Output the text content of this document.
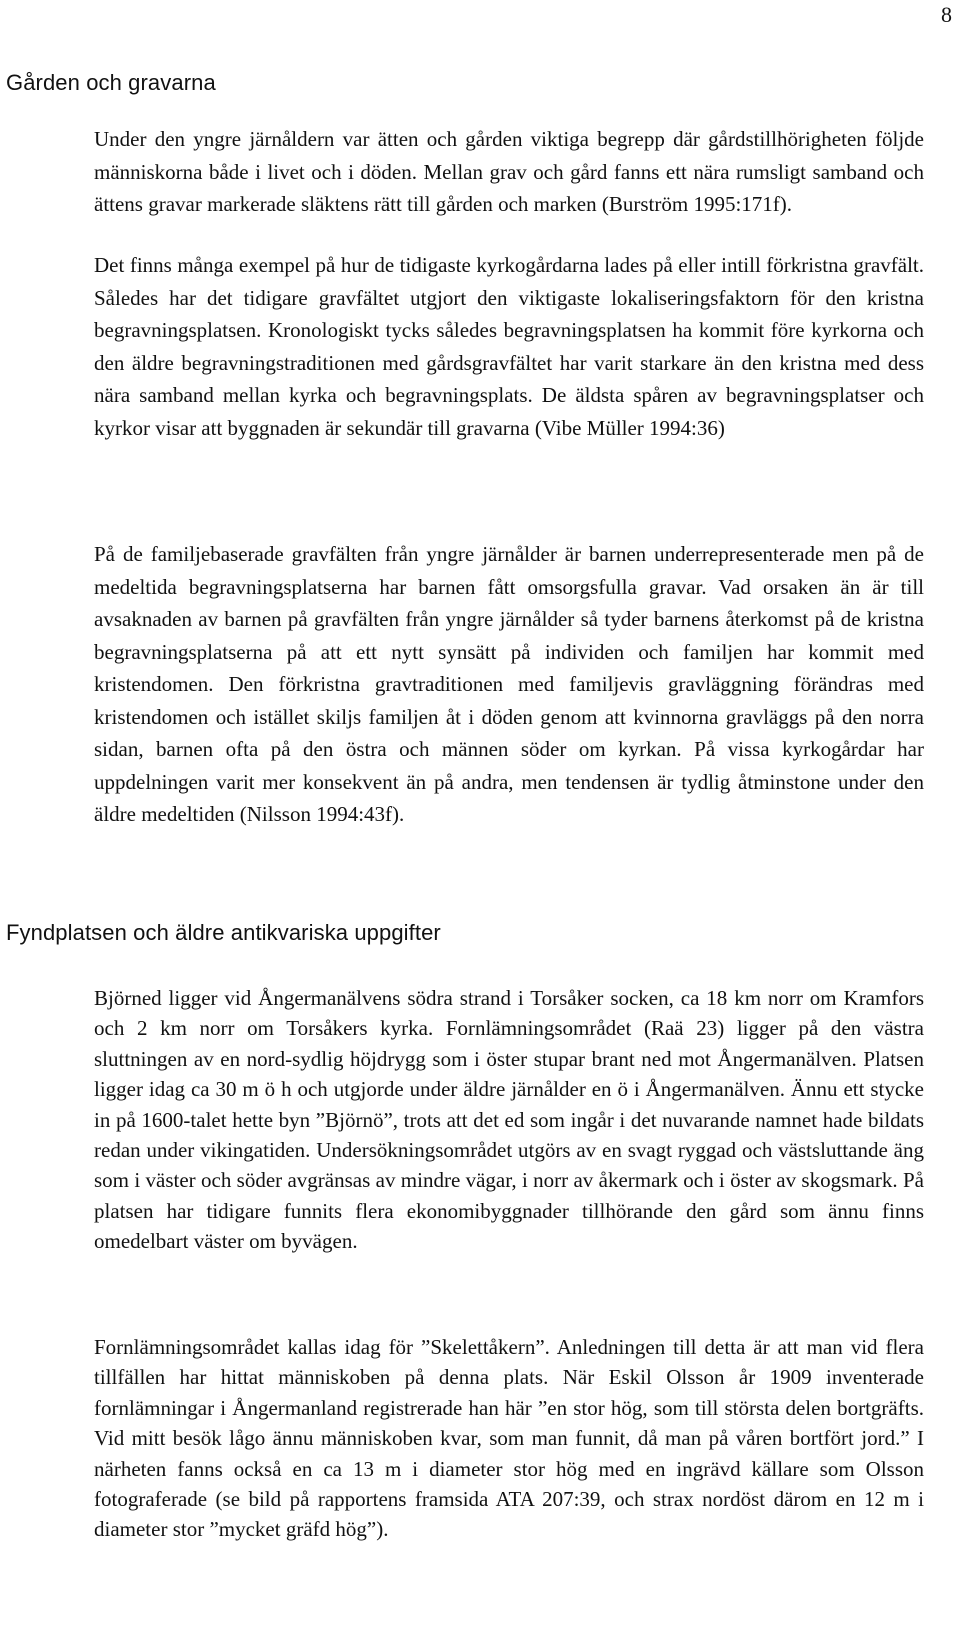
8
Gården och gravarna

Under den yngre järnåldern var ätten och gården viktiga begrepp där gårdstillhörigheten följde människorna både i livet och i döden. Mellan grav och gård fanns ett nära rumsligt samband och ättens gravar markerade släktens rätt till gården och marken (Burström 1995:171f).

Det finns många exempel på hur de tidigaste kyrkogårdarna lades på eller intill förkristna gravfält. Således har det tidigare gravfältet utgjort den viktigaste lokaliseringsfaktorn för den kristna begravningsplatsen. Kronologiskt tycks således begravningsplatsen ha kommit före kyrkorna och den äldre begravningstraditionen med gårdsgravfältet har varit starkare än den kristna med dess nära samband mellan kyrka och begravningsplats. De äldsta spåren av begravningsplatser och kyrkor visar att byggnaden är sekundär till gravarna (Vibe Müller 1994:36)

På de familjebaserade gravfälten från yngre järnålder är barnen underrepresenterade men på de medeltida begravningsplatserna har barnen fått omsorgsfulla gravar. Vad orsaken än är till avsaknaden av barnen på gravfälten från yngre järnålder så tyder barnens återkomst på de kristna begravningsplatserna på att ett nytt synsätt på individen och familjen har kommit med kristendomen. Den förkristna gravtraditionen med familjevis gravläggning förändras med kristendomen och istället skiljs familjen åt i döden genom att kvinnorna gravläggs på den norra sidan, barnen ofta på den östra och männen söder om kyrkan. På vissa kyrkogårdar har uppdelningen varit mer konsekvent än på andra, men tendensen är tydlig åtminstone under den äldre medeltiden (Nilsson 1994:43f).

Fyndplatsen och äldre antikvariska uppgifter

Björned ligger vid Ångermanälvens södra strand i Torsåker socken, ca 18 km norr om Kramfors och 2 km norr om Torsåkers kyrka. Fornlämningsområdet (Raä 23) ligger på den västra sluttningen av en nord-sydlig höjdrygg som i öster stupar brant ned mot Ångermanälven. Platsen ligger idag ca 30 m ö h och utgjorde under äldre järnålder en ö i Ångermanälven. Ännu ett stycke in på 1600-talet hette byn ”Björnö”, trots att det ed som ingår i det nuvarande namnet hade bildats redan under vikingatiden. Undersökningsområdet utgörs av en svagt ryggad och västsluttande äng som i väster och söder avgränsas av mindre vägar, i norr av åkermark och i öster av skogsmark. På platsen har tidigare funnits flera ekonomibyggnader tillhörande den gård som ännu finns omedelbart väster om byvägen.

Fornlämningsområdet kallas idag för ”Skelettåkern”. Anledningen till detta är att man vid flera tillfällen har hittat människoben på denna plats. När Eskil Olsson år 1909 inventerade fornlämningar i Ångermanland registrerade han här ”en stor hög, som till största delen bortgräfts. Vid mitt besök lågo ännu människoben kvar, som man funnit, då man på våren bortfört jord.” I närheten fanns också en ca 13 m i diameter stor hög med en ingrävd källare som Olsson fotograferade (se bild på rapportens framsida ATA 207:39, och strax nordöst därom en 12 m i diameter stor ”mycket gräfd hög”).
